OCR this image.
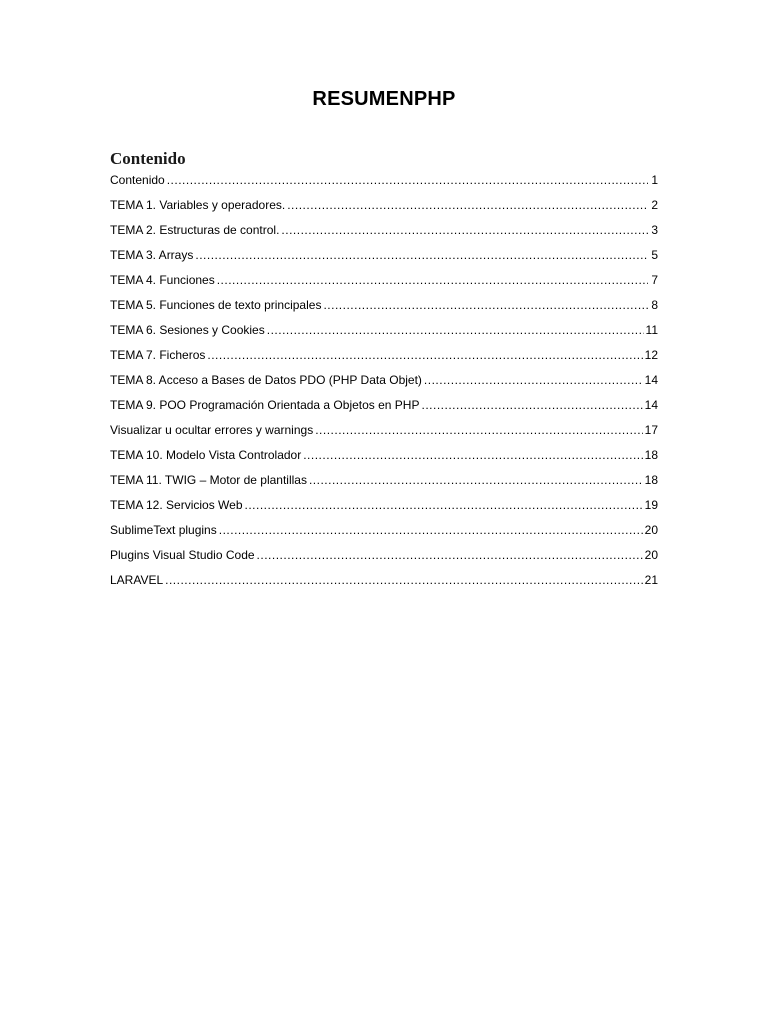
RESUMENPHP
Contenido
Contenido .....	1
TEMA 1. Variables y operadores. .....	2
TEMA 2. Estructuras de control. .....	3
TEMA 3. Arrays .....	5
TEMA 4. Funciones .....	7
TEMA 5. Funciones de texto principales .....	8
TEMA 6. Sesiones y Cookies .....	11
TEMA 7. Ficheros .....	12
TEMA 8. Acceso a Bases de Datos PDO (PHP Data Objet) .....	14
TEMA 9. POO Programación Orientada a Objetos en PHP .....	14
Visualizar u ocultar errores y warnings .....	17
TEMA 10. Modelo Vista Controlador .....	18
TEMA 11. TWIG – Motor de plantillas .....	18
TEMA 12. Servicios Web .....	19
SublimeText plugins .....	20
Plugins Visual Studio Code .....	20
LARAVEL .....	21
